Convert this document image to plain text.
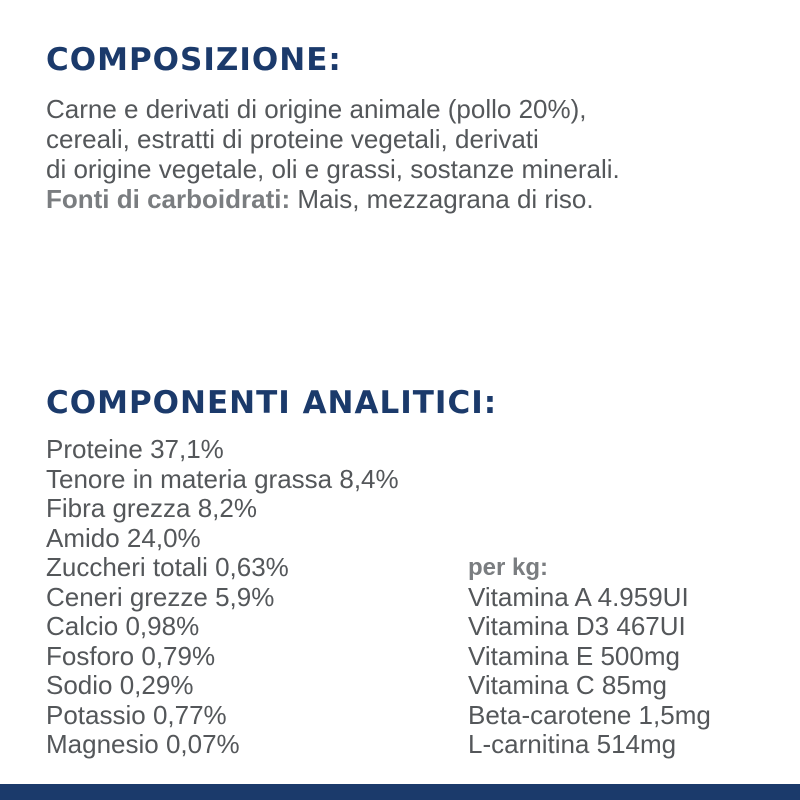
COMPOSIZIONE:
Carne e derivati di origine animale (pollo 20%),
cereali, estratti di proteine vegetali, derivati
di origine vegetale, oli e grassi, sostanze minerali.
Fonti di carboidrati: Mais, mezzagrana di riso.
COMPONENTI ANALITICI:
Proteine 37,1%
Tenore in materia grassa 8,4%
Fibra grezza 8,2%
Amido 24,0%
Zuccheri totali 0,63%
Ceneri grezze 5,9%
Calcio 0,98%
Fosforo 0,79%
Sodio 0,29%
Potassio 0,77%
Magnesio 0,07%
per kg:
Vitamina A 4.959UI
Vitamina D3 467UI
Vitamina E 500mg
Vitamina C 85mg
Beta-carotene 1,5mg
L-carnitina 514mg
